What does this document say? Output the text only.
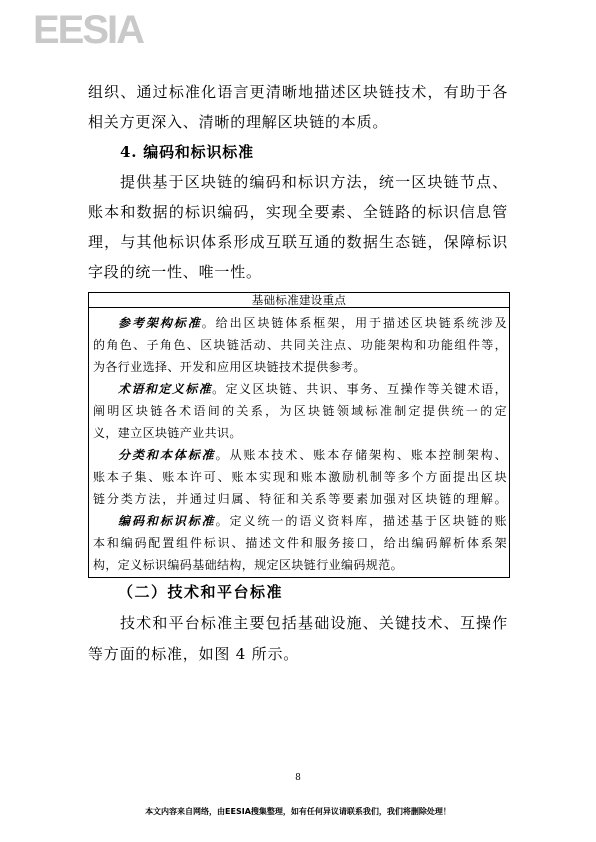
EESIA
组织、通过标准化语言更清晰地描述区块链技术，有助于各
相关方更深入、清晰的理解区块链的本质。
4. 编码和标识标准
提供基于区块链的编码和标识方法，统一区块链节点、
账本和数据的标识编码，实现全要素、全链路的标识信息管
理，与其他标识体系形成互联互通的数据生态链，保障标识
字段的统一性、唯一性。
基础标准建设重点
参考架构标准。给出区块链体系框架，用于描述区块链系统涉及
的角色、子角色、区块链活动、共同关注点、功能架构和功能组件等，
为各行业选择、开发和应用区块链技术提供参考。
术语和定义标准。定义区块链、共识、事务、互操作等关键术语，
阐明区块链各术语间的关系，为区块链领域标准制定提供统一的定
义，建立区块链产业共识。
分类和本体标准。从账本技术、账本存储架构、账本控制架构、
账本子集、账本许可、账本实现和账本激励机制等多个方面提出区块
链分类方法，并通过归属、特征和关系等要素加强对区块链的理解。
编码和标识标准。定义统一的语义资料库，描述基于区块链的账
本和编码配置组件标识、描述文件和服务接口，给出编码解析体系架
构，定义标识编码基础结构，规定区块链行业编码规范。
（二）技术和平台标准
技术和平台标准主要包括基础设施、关键技术、互操作
等方面的标准，如图 4 所示。
8
本文内容来自网络，由EESIA搜集整理，如有任何异议请联系我们，我们将删除处理！
